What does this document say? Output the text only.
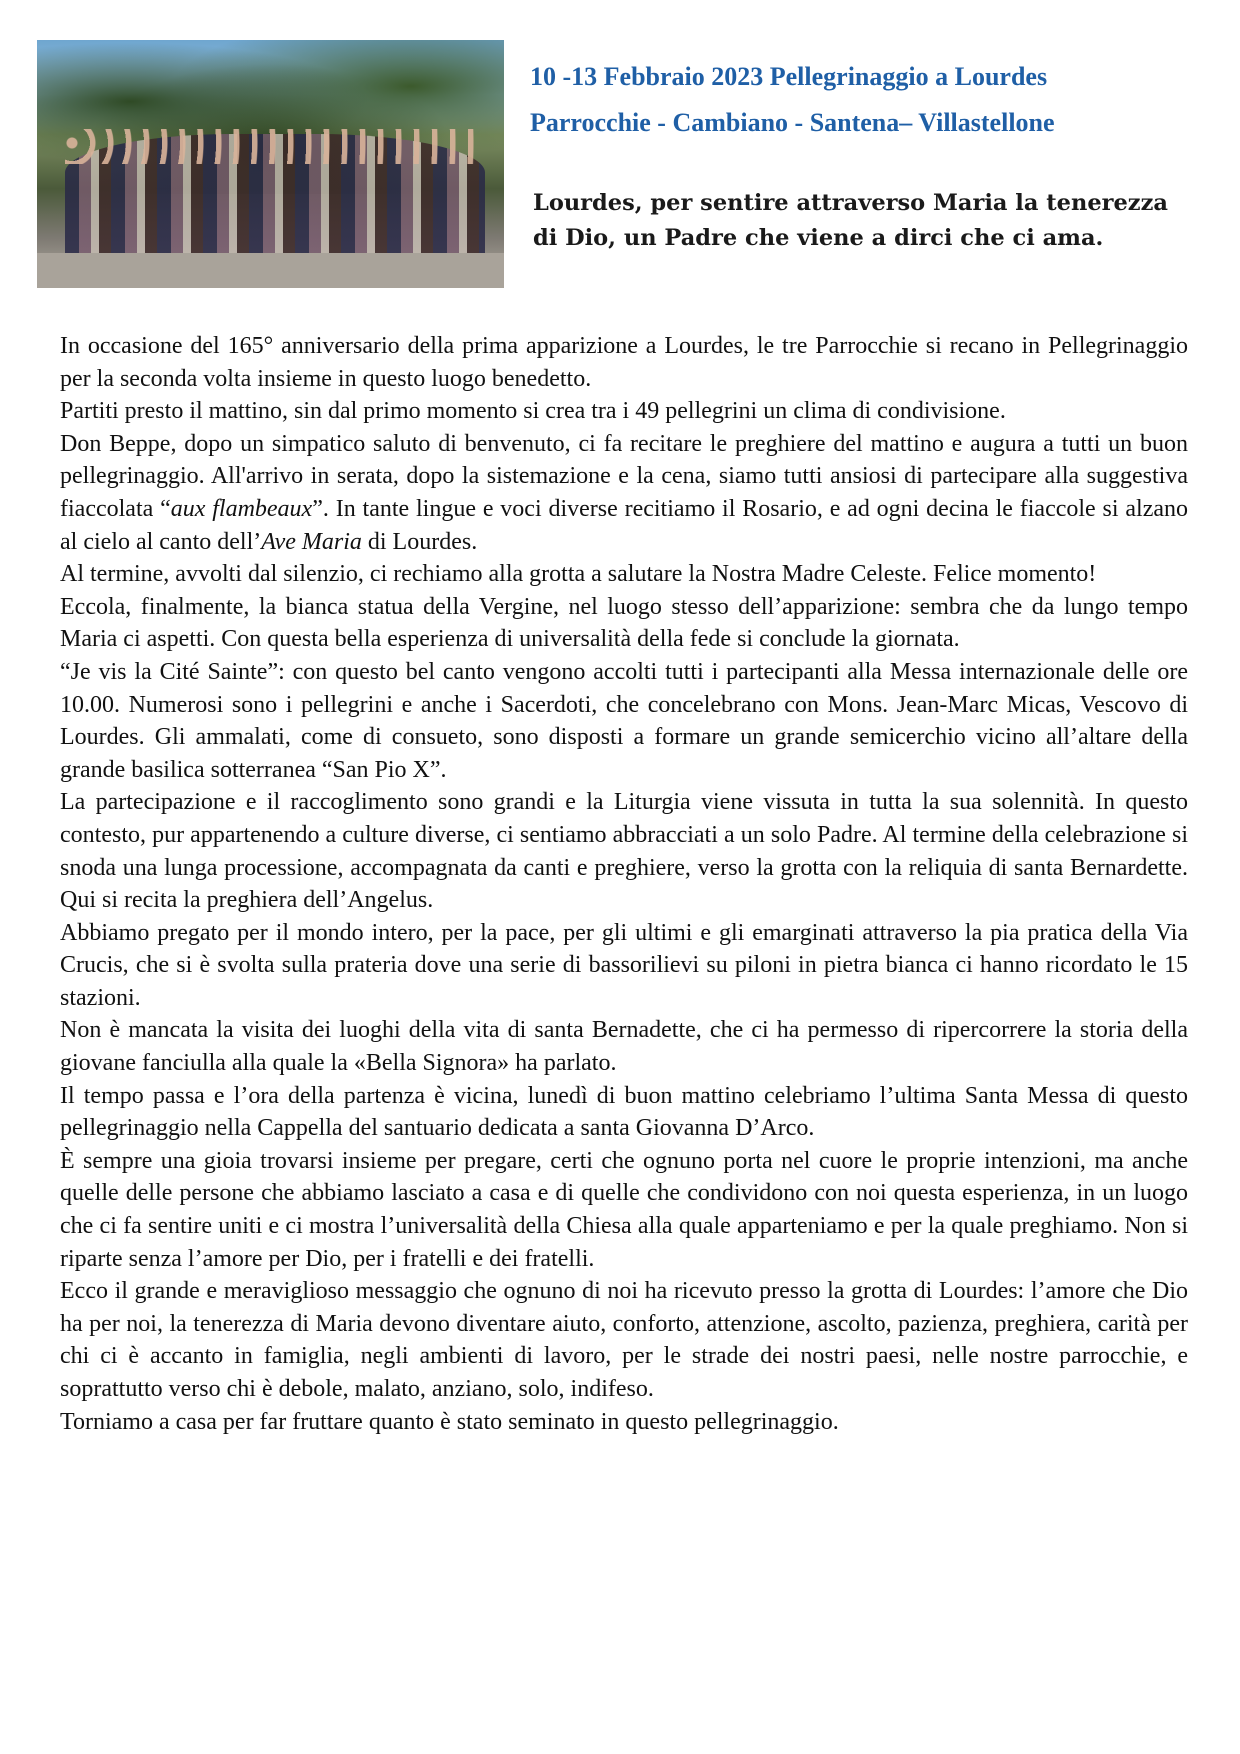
10 -13 Febbraio 2023 Pellegrinaggio a Lourdes
Parrocchie - Cambiano - Santena– Villastellone
Lourdes, per sentire attraverso Maria la tenerezza di Dio, un Padre che viene a dirci che ci ama.

In occasione del 165° anniversario della prima apparizione a Lourdes, le tre Parrocchie si recano in Pellegrinaggio per la seconda volta insieme in questo luogo benedetto.

Partiti presto il mattino, sin dal primo momento si crea tra i 49 pellegrini un clima di condivisione.

Don Beppe, dopo un simpatico saluto di benvenuto, ci fa recitare le preghiere del mattino e augura a tutti un buon pellegrinaggio. All'arrivo in serata, dopo la sistemazione e la cena, siamo tutti ansiosi di partecipare alla suggestiva fiaccolata “aux flambeaux”. In tante lingue e voci diverse recitiamo il Rosario, e ad ogni decina le fiaccole si alzano al cielo al canto dell’Ave Maria di Lourdes.

Al termine, avvolti dal silenzio, ci rechiamo alla grotta a salutare la Nostra Madre Celeste. Felice momento!

Eccola, finalmente, la bianca statua della Vergine, nel luogo stesso dell’apparizione: sembra che da lungo tempo Maria ci aspetti. Con questa bella esperienza di universalità della fede si conclude la giornata.

“Je vis la Cité Sainte”: con questo bel canto vengono accolti tutti i partecipanti alla Messa internazionale delle ore 10.00. Numerosi sono i pellegrini e anche i Sacerdoti, che concelebrano con Mons. Jean-Marc Micas, Vescovo di Lourdes. Gli ammalati, come di consueto, sono disposti a formare un grande semicerchio vicino all’altare della grande basilica sotterranea “San Pio X”.

La partecipazione e il raccoglimento sono grandi e la Liturgia viene vissuta in tutta la sua solennità. In questo contesto, pur appartenendo a culture diverse, ci sentiamo abbracciati a un solo Padre. Al termine della celebrazione si snoda una lunga processione, accompagnata da canti e preghiere, verso la grotta con la reliquia di santa Bernardette. Qui si recita la preghiera dell’Angelus.

Abbiamo pregato per il mondo intero, per la pace, per gli ultimi e gli emarginati attraverso la pia pratica della Via Crucis, che si è svolta sulla prateria dove una serie di bassorilievi su piloni in pietra bianca ci hanno ricordato le 15 stazioni.

Non è mancata la visita dei luoghi della vita di santa Bernadette, che ci ha permesso di ripercorrere la storia della giovane fanciulla alla quale la «Bella Signora» ha parlato.

Il tempo passa e l’ora della partenza è vicina, lunedì di buon mattino celebriamo l’ultima Santa Messa di questo pellegrinaggio nella Cappella del santuario dedicata a santa Giovanna D’Arco.

È sempre una gioia trovarsi insieme per pregare, certi che ognuno porta nel cuore le proprie intenzioni, ma anche quelle delle persone che abbiamo lasciato a casa e di quelle che condividono con noi questa esperienza, in un luogo che ci fa sentire uniti e ci mostra l’universalità della Chiesa alla quale apparteniamo e per la quale preghiamo. Non si riparte senza l’amore per Dio, per i fratelli e dei fratelli.

Ecco il grande e meraviglioso messaggio che ognuno di noi ha ricevuto presso la grotta di Lourdes: l’amore che Dio ha per noi, la tenerezza di Maria devono diventare aiuto, conforto, attenzione, ascolto, pazienza, preghiera, carità per chi ci è accanto in famiglia, negli ambienti di lavoro, per le strade dei nostri paesi, nelle nostre parrocchie, e soprattutto verso chi è debole, malato, anziano, solo, indifeso.

Torniamo a casa per far fruttare quanto è stato seminato in questo pellegrinaggio.
